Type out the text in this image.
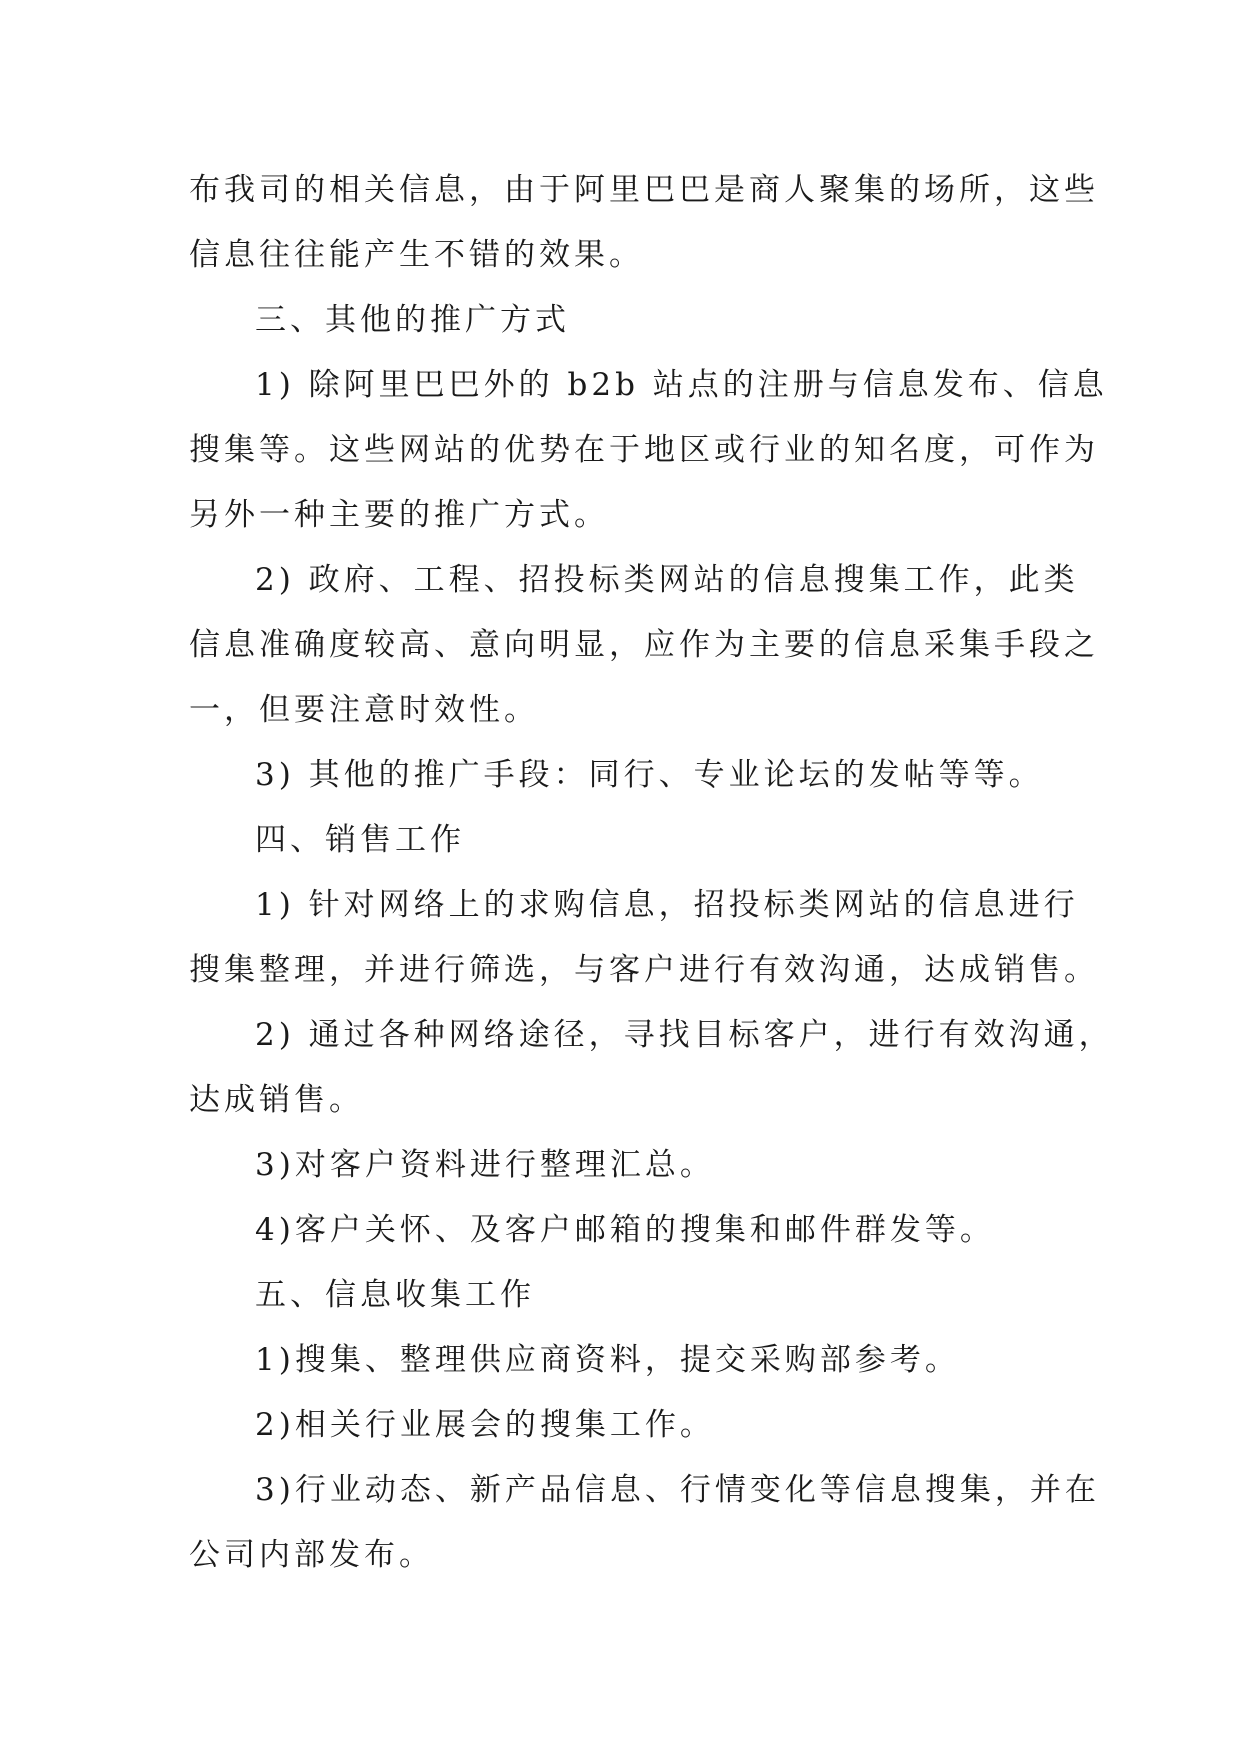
布我司的相关信息，由于阿里巴巴是商人聚集的场所，这些
信息往往能产生不错的效果。
三、其他的推广方式
1) 除阿里巴巴外的 b2b 站点的注册与信息发布、信息
搜集等。这些网站的优势在于地区或行业的知名度，可作为
另外一种主要的推广方式。
2) 政府、工程、招投标类网站的信息搜集工作，此类
信息准确度较高、意向明显，应作为主要的信息采集手段之
一，但要注意时效性。
3) 其他的推广手段：同行、专业论坛的发帖等等。
四、销售工作
1) 针对网络上的求购信息，招投标类网站的信息进行
搜集整理，并进行筛选，与客户进行有效沟通，达成销售。
2) 通过各种网络途径，寻找目标客户，进行有效沟通，
达成销售。
3)对客户资料进行整理汇总。
4)客户关怀、及客户邮箱的搜集和邮件群发等。
五、信息收集工作
1)搜集、整理供应商资料，提交采购部参考。
2)相关行业展会的搜集工作。
3)行业动态、新产品信息、行情变化等信息搜集，并在
公司内部发布。
